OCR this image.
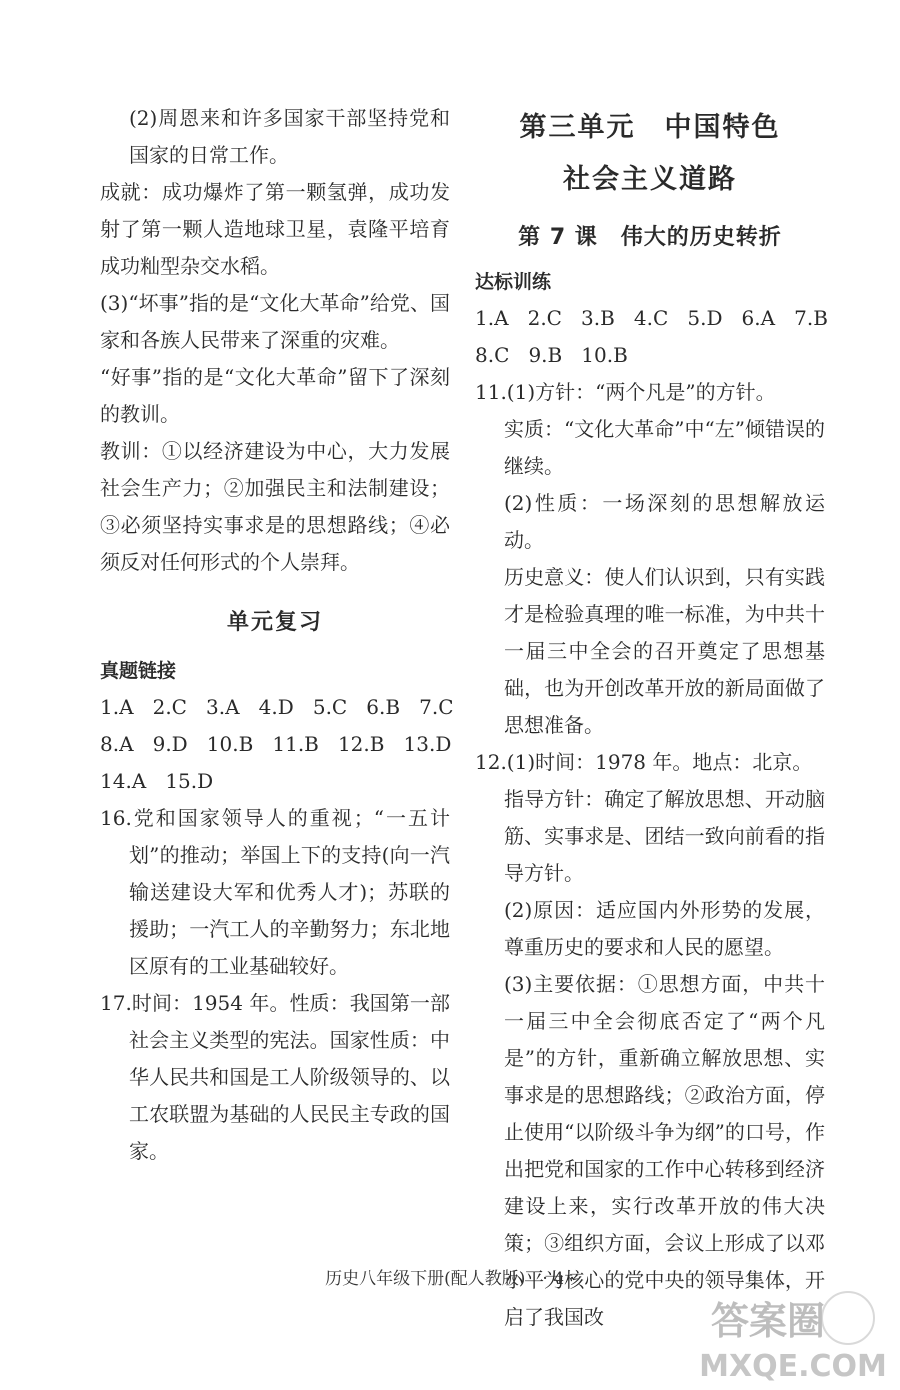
(2)周恩来和许多国家干部坚持党和国家的日常工作。

成就：成功爆炸了第一颗氢弹，成功发射了第一颗人造地球卫星，袁隆平培育成功籼型杂交水稻。

(3)“坏事”指的是“文化大革命”给党、国家和各族人民带来了深重的灾难。

“好事”指的是“文化大革命”留下了深刻的教训。

教训：①以经济建设为中心，大力发展社会生产力；②加强民主和法制建设；③必须坚持实事求是的思想路线；④必须反对任何形式的个人崇拜。

单元复习
真题链接

1.A   2.C   3.A   4.D   5.C   6.B   7.C

8.A   9.D   10.B   11.B   12.B   13.D

14.A   15.D

16.党和国家领导人的重视；“一五计划”的推动；举国上下的支持(向一汽输送建设大军和优秀人才)；苏联的援助；一汽工人的辛勤努力；东北地区原有的工业基础较好。

17.时间：1954 年。性质：我国第一部社会主义类型的宪法。国家性质：中华人民共和国是工人阶级领导的、以工农联盟为基础的人民民主专政的国家。

第三单元　中国特色
社会主义道路
第 7 课　伟大的历史转折
达标训练

1.A   2.C   3.B   4.C   5.D   6.A   7.B

8.C   9.B   10.B

11.(1)方针：“两个凡是”的方针。

实质：“文化大革命”中“左”倾错误的继续。

(2)性质：一场深刻的思想解放运动。

历史意义：使人们认识到，只有实践才是检验真理的唯一标准，为中共十一届三中全会的召开奠定了思想基础，也为开创改革开放的新局面做了思想准备。

12.(1)时间：1978 年。地点：北京。

指导方针：确定了解放思想、开动脑筋、实事求是、团结一致向前看的指导方针。

(2)原因：适应国内外形势的发展，尊重历史的要求和人民的愿望。

(3)主要依据：①思想方面，中共十一届三中全会彻底否定了“两个凡是”的方针，重新确立解放思想、实事求是的思想路线；②政治方面，停止使用“以阶级斗争为纲”的口号，作出把党和国家的工作中心转移到经济建设上来，实行改革开放的伟大决策；③组织方面，会议上形成了以邓小平为核心的党中央的领导集体，开启了我国改

历史八年级下册(配人教版)　· 4 ·
答案圈
MXQE.COM
